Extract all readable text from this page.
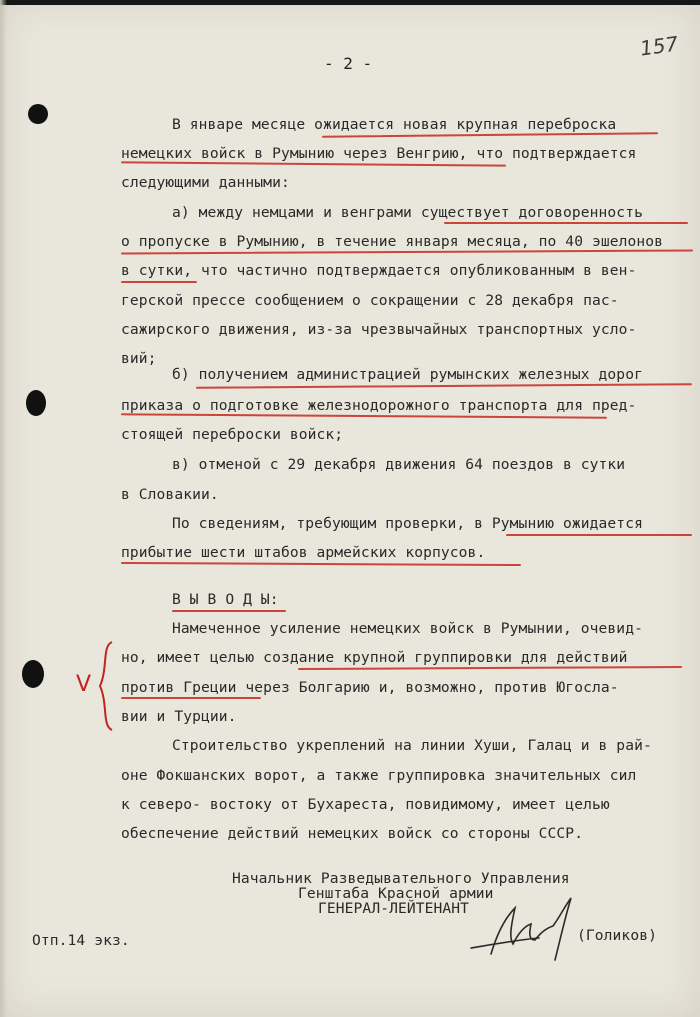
157
- 2 -
В январе месяце ожидается новая крупная переброска
немецких войск в Румынию через Венгрию, что подтверждается
следующими данными:
а) между немцами и венграми существует договоренность
о пропуске в Румынию, в течение января месяца, по 40 эшелонов
в сутки, что частично подтверждается опубликованным в вен-
герской прессе сообщением о сокращении с 28 декабря пас-
сажирского движения, из-за чрезвычайных транспортных усло-
вий;
б) получением администрацией румынских железных дорог
приказа о подготовке железнодорожного транспорта для пред-
стоящей переброски войск;
в) отменой с 29 декабря движения 64 поездов в сутки
в Словакии.
По сведениям, требующим проверки, в Румынию ожидается
прибытие шести штабов армейских корпусов.
В Ы В О Д Ы:
Намеченное усиление немецких войск в Румынии, очевид-
но, имеет целью создание крупной группировки для действий
против Греции через Болгарию и, возможно, против Югосла-
вии и Турции.
Строительство укреплений на линии Хуши, Галац и в рай-
оне Фокшанских ворот, а также группировка значительных сил
к северо- востоку от Бухареста, повидимому, имеет целью
обеспечение действий немецких войск со стороны СССР.
V
Начальник Разведывательного Управления
Генштаба Красной армии
ГЕНЕРАЛ-ЛЕЙТЕНАНТ
(Голиков)
Отп.14 экз.
